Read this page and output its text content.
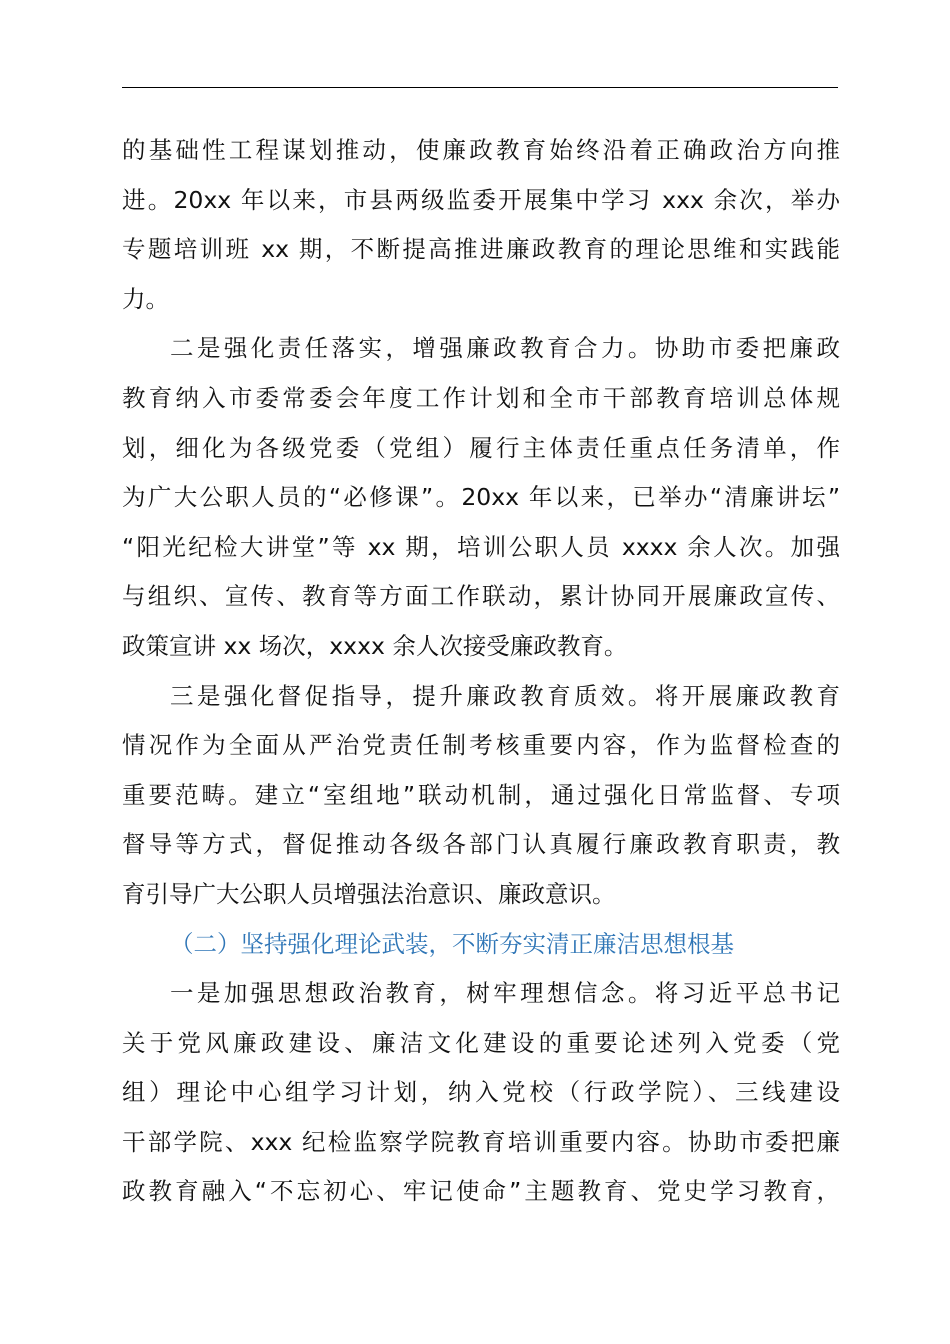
的基础性工程谋划推动，使廉政教育始终沿着正确政治方向推
进。20xx 年以来，市县两级监委开展集中学习 xxx 余次，举办
专题培训班 xx 期，不断提高推进廉政教育的理论思维和实践能
力。
二是强化责任落实，增强廉政教育合力。协助市委把廉政
教育纳入市委常委会年度工作计划和全市干部教育培训总体规
划，细化为各级党委（党组）履行主体责任重点任务清单，作
为广大公职人员的“必修课”。20xx 年以来，已举办“清廉讲坛”
“阳光纪检大讲堂”等 xx 期，培训公职人员 xxxx 余人次。加强
与组织、宣传、教育等方面工作联动，累计协同开展廉政宣传、
政策宣讲 xx 场次，xxxx 余人次接受廉政教育。
三是强化督促指导，提升廉政教育质效。将开展廉政教育
情况作为全面从严治党责任制考核重要内容，作为监督检查的
重要范畴。建立“室组地”联动机制，通过强化日常监督、专项
督导等方式，督促推动各级各部门认真履行廉政教育职责，教
育引导广大公职人员增强法治意识、廉政意识。
（二）坚持强化理论武装，不断夯实清正廉洁思想根基
一是加强思想政治教育，树牢理想信念。将习近平总书记
关于党风廉政建设、廉洁文化建设的重要论述列入党委（党
组）理论中心组学习计划，纳入党校（行政学院）、三线建设
干部学院、xxx 纪检监察学院教育培训重要内容。协助市委把廉
政教育融入“不忘初心、牢记使命”主题教育、党史学习教育，
